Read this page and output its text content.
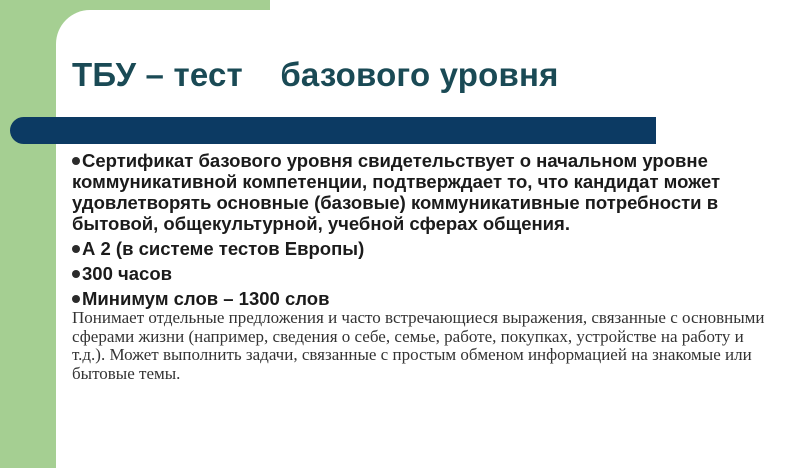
ТБУ – тест    базового уровня

Сертификат базового уровня свидетельствует о начальном уровне коммуникативной компетенции, подтверждает то, что кандидат может удовлетворять основные (базовые) коммуникативные потребности в бытовой, общекультурной, учебной сферах общения.

А 2 (в системе тестов Европы)

300 часов

Минимум слов – 1300 слов

Понимает отдельные предложения и часто встречающиеся выражения, связанные с основными сферами жизни (например, сведения о себе, семье, работе, покупках, устройстве на работу и т.д.). Может выполнить задачи, связанные с простым обменом информацией на знакомые или бытовые темы.
